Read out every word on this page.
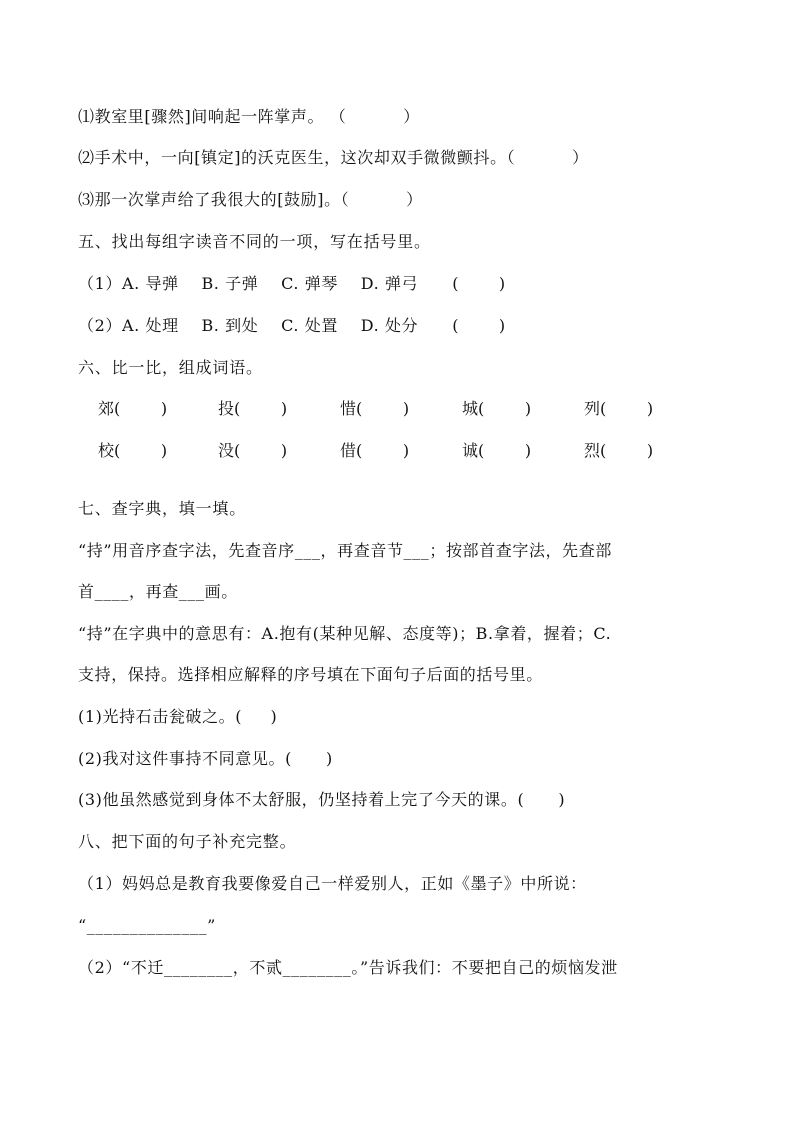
⑴教室里[骤然]间响起一阵掌声。 （          ）
⑵手术中，一向[镇定]的沃克医生，这次却双手微微颤抖。（          ）
⑶那一次掌声给了我很大的[鼓励]。（          ）
五、找出每组字读音不同的一项，写在括号里。
（1）A. 导弹    B. 子弹    C. 弹琴    D. 弹弓      (       )
（2）A. 处理    B. 到处    C. 处置    D. 处分      (       )
六、比一比，组成词语。
郊(        )	投(        )	惜(        )	城(        )	列(        )
校(        )	没(        )	借(        )	诚(        )	烈(        )
七、查字典，填一填。
“持”用音序查字法，先查音序___，再查音节___；按部首查字法，先查部
首____，再查___画。
“持”在字典中的意思有：A.抱有(某种见解、态度等)；B.拿着，握着；C.
支持，保持。选择相应解释的序号填在下面句子后面的括号里。
(1)光持石击瓮破之。(     )
(2)我对这件事持不同意见。(      )
(3)他虽然感觉到身体不太舒服，仍坚持着上完了今天的课。(      )
八、把下面的句子补充完整。
（1）妈妈总是教育我要像爱自己一样爱别人，正如《墨子》中所说：
“______________”
（2）“不迁________，不贰________。”告诉我们：不要把自己的烦恼发泄
